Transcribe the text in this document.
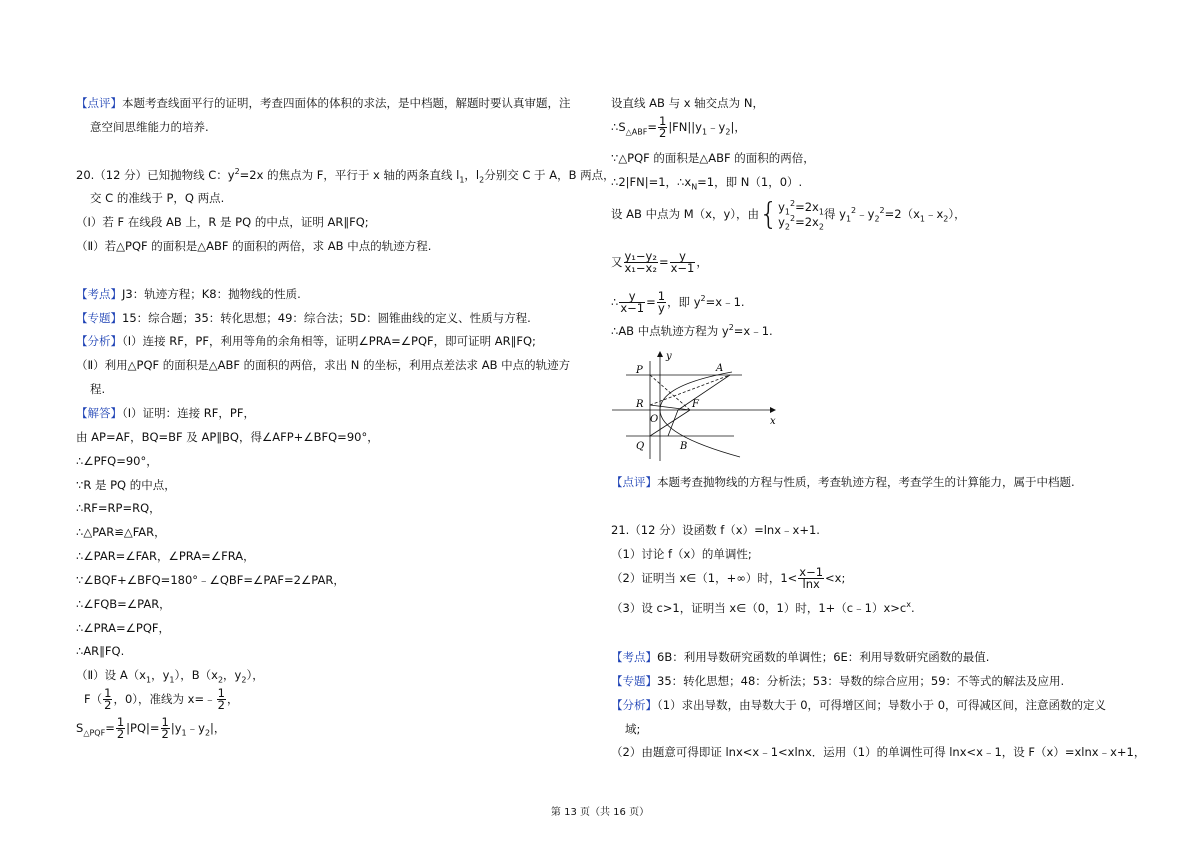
【点评】本题考查线面平行的证明，考查四面体的体积的求法，是中档题，解题时要认真审题，注
意空间思维能力的培养.
20.（12 分）已知抛物线 C：$y^2=2x$ 的焦点为 F，平行于 x 轴的两条直线 $l_1$，$l_2$分别交 C 于 A，B 两点，
交 C 的准线于 P，Q 两点.
（Ⅰ）若 F 在线段 AB 上，R 是 PQ 的中点，证明 AR∥FQ;
（Ⅱ）若△PQF 的面积是△ABF 的面积的两倍，求 AB 中点的轨迹方程.
【考点】J3：轨迹方程；K8：抛物线的性质.
【专题】15：综合题；35：转化思想；49：综合法；5D：圆锥曲线的定义、性质与方程.
【分析】（Ⅰ）连接 RF，PF，利用等角的余角相等，证明∠PRA=∠PQF，即可证明 AR∥FQ;
（Ⅱ）利用△PQF 的面积是△ABF 的面积的两倍，求出 N 的坐标，利用点差法求 AB 中点的轨迹方
程.
【解答】（Ⅰ）证明：连接 RF，PF，
由 AP=AF，BQ=BF 及 AP∥BQ，得∠AFP+∠BFQ=90°，
∴∠PFQ=90°，
∵R 是 PQ 的中点，
∴RF=RP=RQ，
∴△PAR≌△FAR，
∴∠PAR=∠FAR，∠PRA=∠FRA，
∵∠BQF+∠BFQ=180°﹣∠QBF=∠PAF=2∠PAR，
∴∠FQB=∠PAR，
∴∠PRA=∠PQF，
∴AR∥FQ.
（Ⅱ）设 $A(x_1$，$y_1$），$B(x_2$，$y_2$），
$F( \frac{1}{2}$ ，0），准线为 x=﹣ $\frac{1}{2}$ ，
$S_{\triangle PQF}= \frac{1}{2} |PQ|= \frac{1}{2}$ $|y_1﹣y_2|$，
设直线 AB 与 x 轴交点为 N，
$\therefore S_{\triangle ABF}= \frac{1}{2}$ $|FN||y_1﹣y_2|$，
∵△PQF 的面积是△ABF 的面积的两倍，
∴2|FN|=1，$\therefore x_N=1$，即 N（1，0）.
设 AB 中点为 M（x，y），由{$y_1^2=2x_1$
$y_2^2=2x_2$得 $y_1^2﹣y_2^2=2(x_1﹣x_2)$，
又 $\frac{\text{y₁−y₂}}{\text{x₁−x₂}} = \frac{y}{x-1}$ ，
∴ $\frac{y}{x-1} = \frac{1}{y}$ ，即 $y^2=x﹣1$.
∴AB 中点轨迹方程为 $y^2=x﹣1$.
【点评】本题考查抛物线的方程与性质，考查轨迹方程，考查学生的计算能力，属于中档题.
21.（12 分）设函数 f（x）=lnx﹣x+1.
（1）讨论 f（x）的单调性;
（2）证明当 x∈（1，+∞）时，$1< \frac{x-1}{\ln x} <x$;
（3）设 c>1，证明当 x∈（0，1）时，$1+(c﹣1)x>c^x$.
【考点】6B：利用导数研究函数的单调性；6E：利用导数研究函数的最值.
【专题】35：转化思想；48：分析法；53：导数的综合应用；59：不等式的解法及应用.
【分析】（1）求出导数，由导数大于 0，可得增区间；导数小于 0，可得减区间，注意函数的定义
域;
（2）由题意可得即证 lnx<x﹣1<xlnx．运用（1）的单调性可得 lnx<x﹣1，设 F（x）=xlnx﹣x+1，
P	A
R	F
O
Q	B
x
y
第 13 页（共 16 页）
